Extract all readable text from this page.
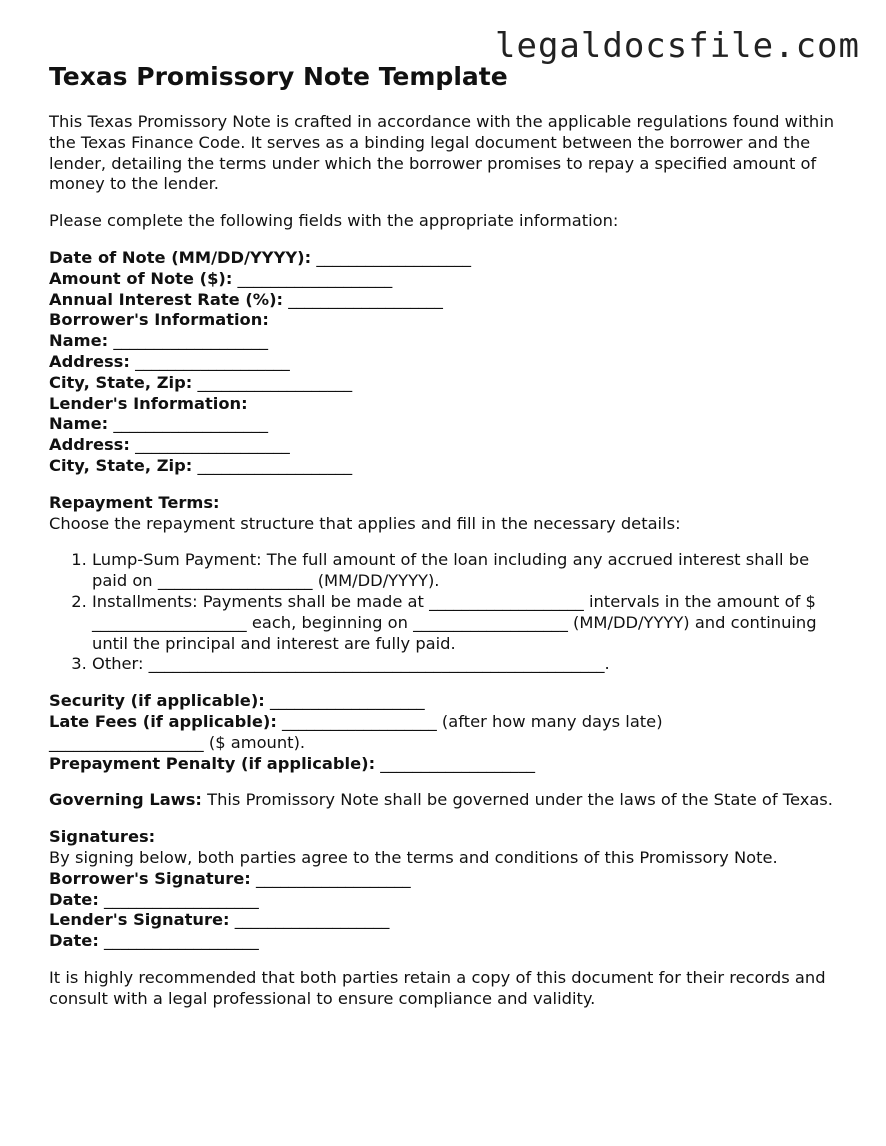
legaldocsfile.com
Texas Promissory Note Template

This Texas Promissory Note is crafted in accordance with the applicable regulations found within the Texas Finance Code. It serves as a binding legal document between the borrower and the lender, detailing the terms under which the borrower promises to repay a specified amount of money to the lender.

Please complete the following fields with the appropriate information:

Date of Note (MM/DD/YYYY): ___________________
Amount of Note ($): ___________________
Annual Interest Rate (%): ___________________
Borrower's Information:
Name: ___________________
Address: ___________________
City, State, Zip: ___________________
Lender's Information:
Name: ___________________
Address: ___________________
City, State, Zip: ___________________
Repayment Terms:

Choose the repayment structure that applies and fill in the necessary details:

1. Lump-Sum Payment: The full amount of the loan including any accrued interest shall be paid on ___________________ (MM/DD/YYYY).
2. Installments: Payments shall be made at ___________________ intervals in the amount of $ ___________________ each, beginning on ___________________ (MM/DD/YYYY) and continuing until the principal and interest are fully paid.
3. Other: ________________________________________________________.
Security (if applicable): ___________________
Late Fees (if applicable): ___________________ (after how many days late)
___________________ ($ amount).
Prepayment Penalty (if applicable): ___________________

Governing Laws: This Promissory Note shall be governed under the laws of the State of Texas.

Signatures:
By signing below, both parties agree to the terms and conditions of this Promissory Note.
Borrower's Signature: ___________________
Date: ___________________
Lender's Signature: ___________________
Date: ___________________

It is highly recommended that both parties retain a copy of this document for their records and consult with a legal professional to ensure compliance and validity.
